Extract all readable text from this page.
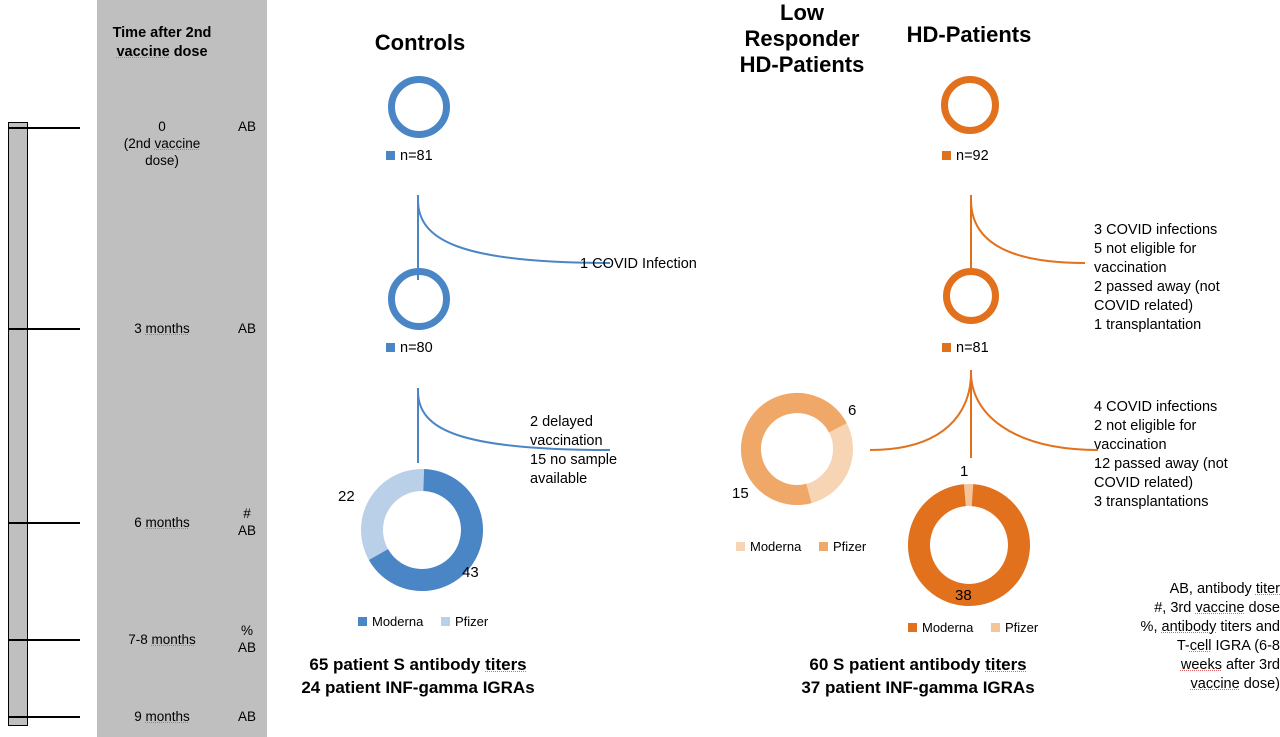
Time after 2nd vaccine dose
0
(2nd vaccine
dose)
3 months
6 months
7-8 months
9 months
AB
AB
#
AB
%
AB
AB
Controls
Low
Responder
HD-Patients
HD-Patients
n=81
1 COVID Infection
n=80
2 delayed
vaccination
15 no sample
available
22
43
Moderna Pfizer
65 patient S antibody titers
24 patient INF-gamma IGRAs
n=92
3 COVID infections
5 not eligible for
vaccination
2 passed away (not
COVID related)
1 transplantation
n=81
4 COVID infections
2 not eligible for
vaccination
12 passed away (not
COVID related)
3 transplantations
6
15
Moderna Pfizer
1
38
Moderna Pfizer
60 S patient antibody titers
37 patient INF-gamma IGRAs
AB, antibody titer
#, 3rd vaccine dose
%, antibody titers and
T-cell IGRA (6-8
weeks after 3rd
vaccine dose)
